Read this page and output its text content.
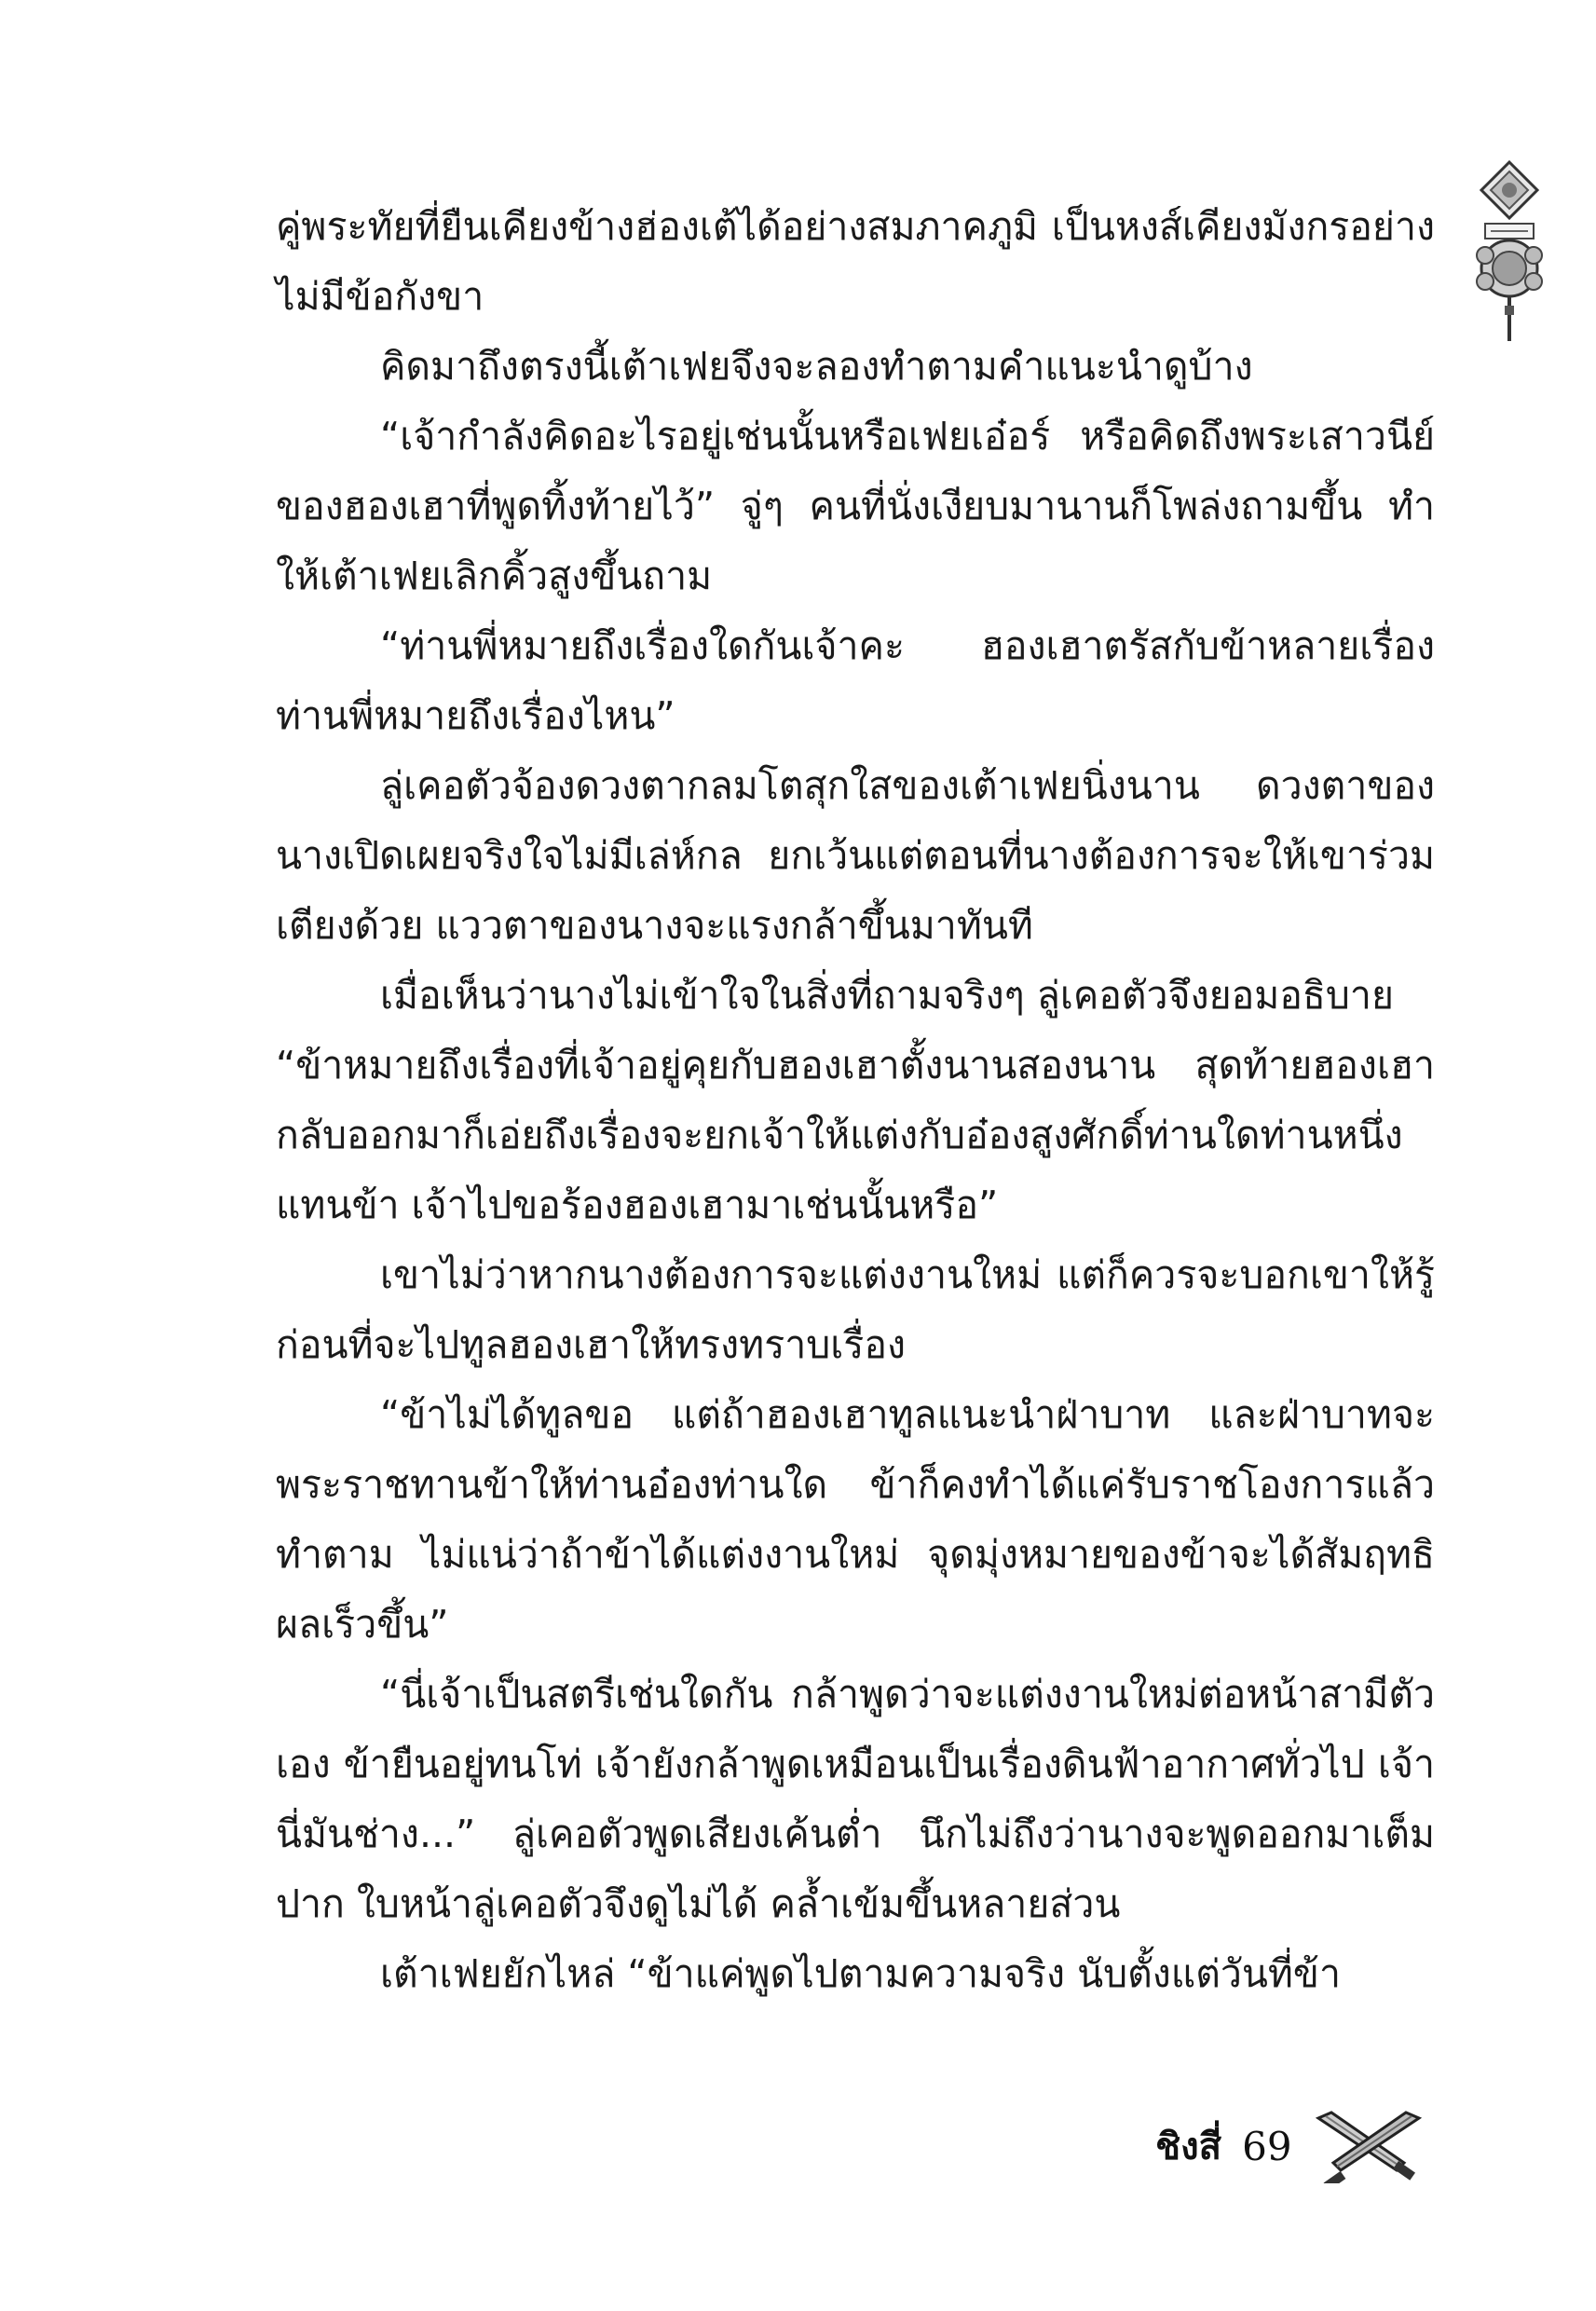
คู่พระทัยที่ยืนเคียงข้างฮ่องเต้ได้อย่างสมภาคภูมิ เป็นหงส์เคียงมังกรอย่างไม่มีข้อกังขา

คิดมาถึงตรงนี้เต้าเฟยจึงจะลองทำตามคำแนะนำดูบ้าง

“เจ้ากำลังคิดอะไรอยู่เช่นนั้นหรือเฟยเอ๋อร์ หรือคิดถึงพระเสาวนีย์ของฮองเฮาที่พูดทิ้งท้ายไว้” จู่ๆ คนที่นั่งเงียบมานานก็โพล่งถามขึ้น ทำให้เต้าเฟยเลิกคิ้วสูงขึ้นถาม

“ท่านพี่หมายถึงเรื่องใดกันเจ้าคะ ฮองเฮาตรัสกับข้าหลายเรื่อง ท่านพี่หมายถึงเรื่องไหน”

ลู่เคอตัวจ้องดวงตากลมโตสุกใสของเต้าเฟยนิ่งนาน ดวงตาของนางเปิดเผยจริงใจไม่มีเล่ห์กล ยกเว้นแต่ตอนที่นางต้องการจะให้เขาร่วมเตียงด้วย แววตาของนางจะแรงกล้าขึ้นมาทันที

เมื่อเห็นว่านางไม่เข้าใจในสิ่งที่ถามจริงๆ ลู่เคอตัวจึงยอมอธิบาย

“ข้าหมายถึงเรื่องที่เจ้าอยู่คุยกับฮองเฮาตั้งนานสองนาน สุดท้ายฮองเฮากลับออกมาก็เอ่ยถึงเรื่องจะยกเจ้าให้แต่งกับอ๋องสูงศักดิ์ท่านใดท่านหนึ่งแทนข้า เจ้าไปขอร้องฮองเฮามาเช่นนั้นหรือ”

เขาไม่ว่าหากนางต้องการจะแต่งงานใหม่ แต่ก็ควรจะบอกเขาให้รู้ก่อนที่จะไปทูลฮองเฮาให้ทรงทราบเรื่อง

“ข้าไม่ได้ทูลขอ แต่ถ้าฮองเฮาทูลแนะนำฝ่าบาท และฝ่าบาทจะพระราชทานข้าให้ท่านอ๋องท่านใด ข้าก็คงทำได้แค่รับราชโองการแล้วทำตาม ไม่แน่ว่าถ้าข้าได้แต่งงานใหม่ จุดมุ่งหมายของข้าจะได้สัมฤทธิผลเร็วขึ้น”

“นี่เจ้าเป็นสตรีเช่นใดกัน กล้าพูดว่าจะแต่งงานใหม่ต่อหน้าสามีตัวเอง ข้ายืนอยู่ทนโท่ เจ้ายังกล้าพูดเหมือนเป็นเรื่องดินฟ้าอากาศทั่วไป เจ้านี่มันช่าง...” ลู่เคอตัวพูดเสียงเค้นต่ำ นึกไม่ถึงว่านางจะพูดออกมาเต็มปาก ใบหน้าลู่เคอตัวจึงดูไม่ได้ คล้ำเข้มขึ้นหลายส่วน

เต้าเฟยยักไหล่ “ข้าแค่พูดไปตามความจริง นับตั้งแต่วันที่ข้า

ชิงสี่ 69
